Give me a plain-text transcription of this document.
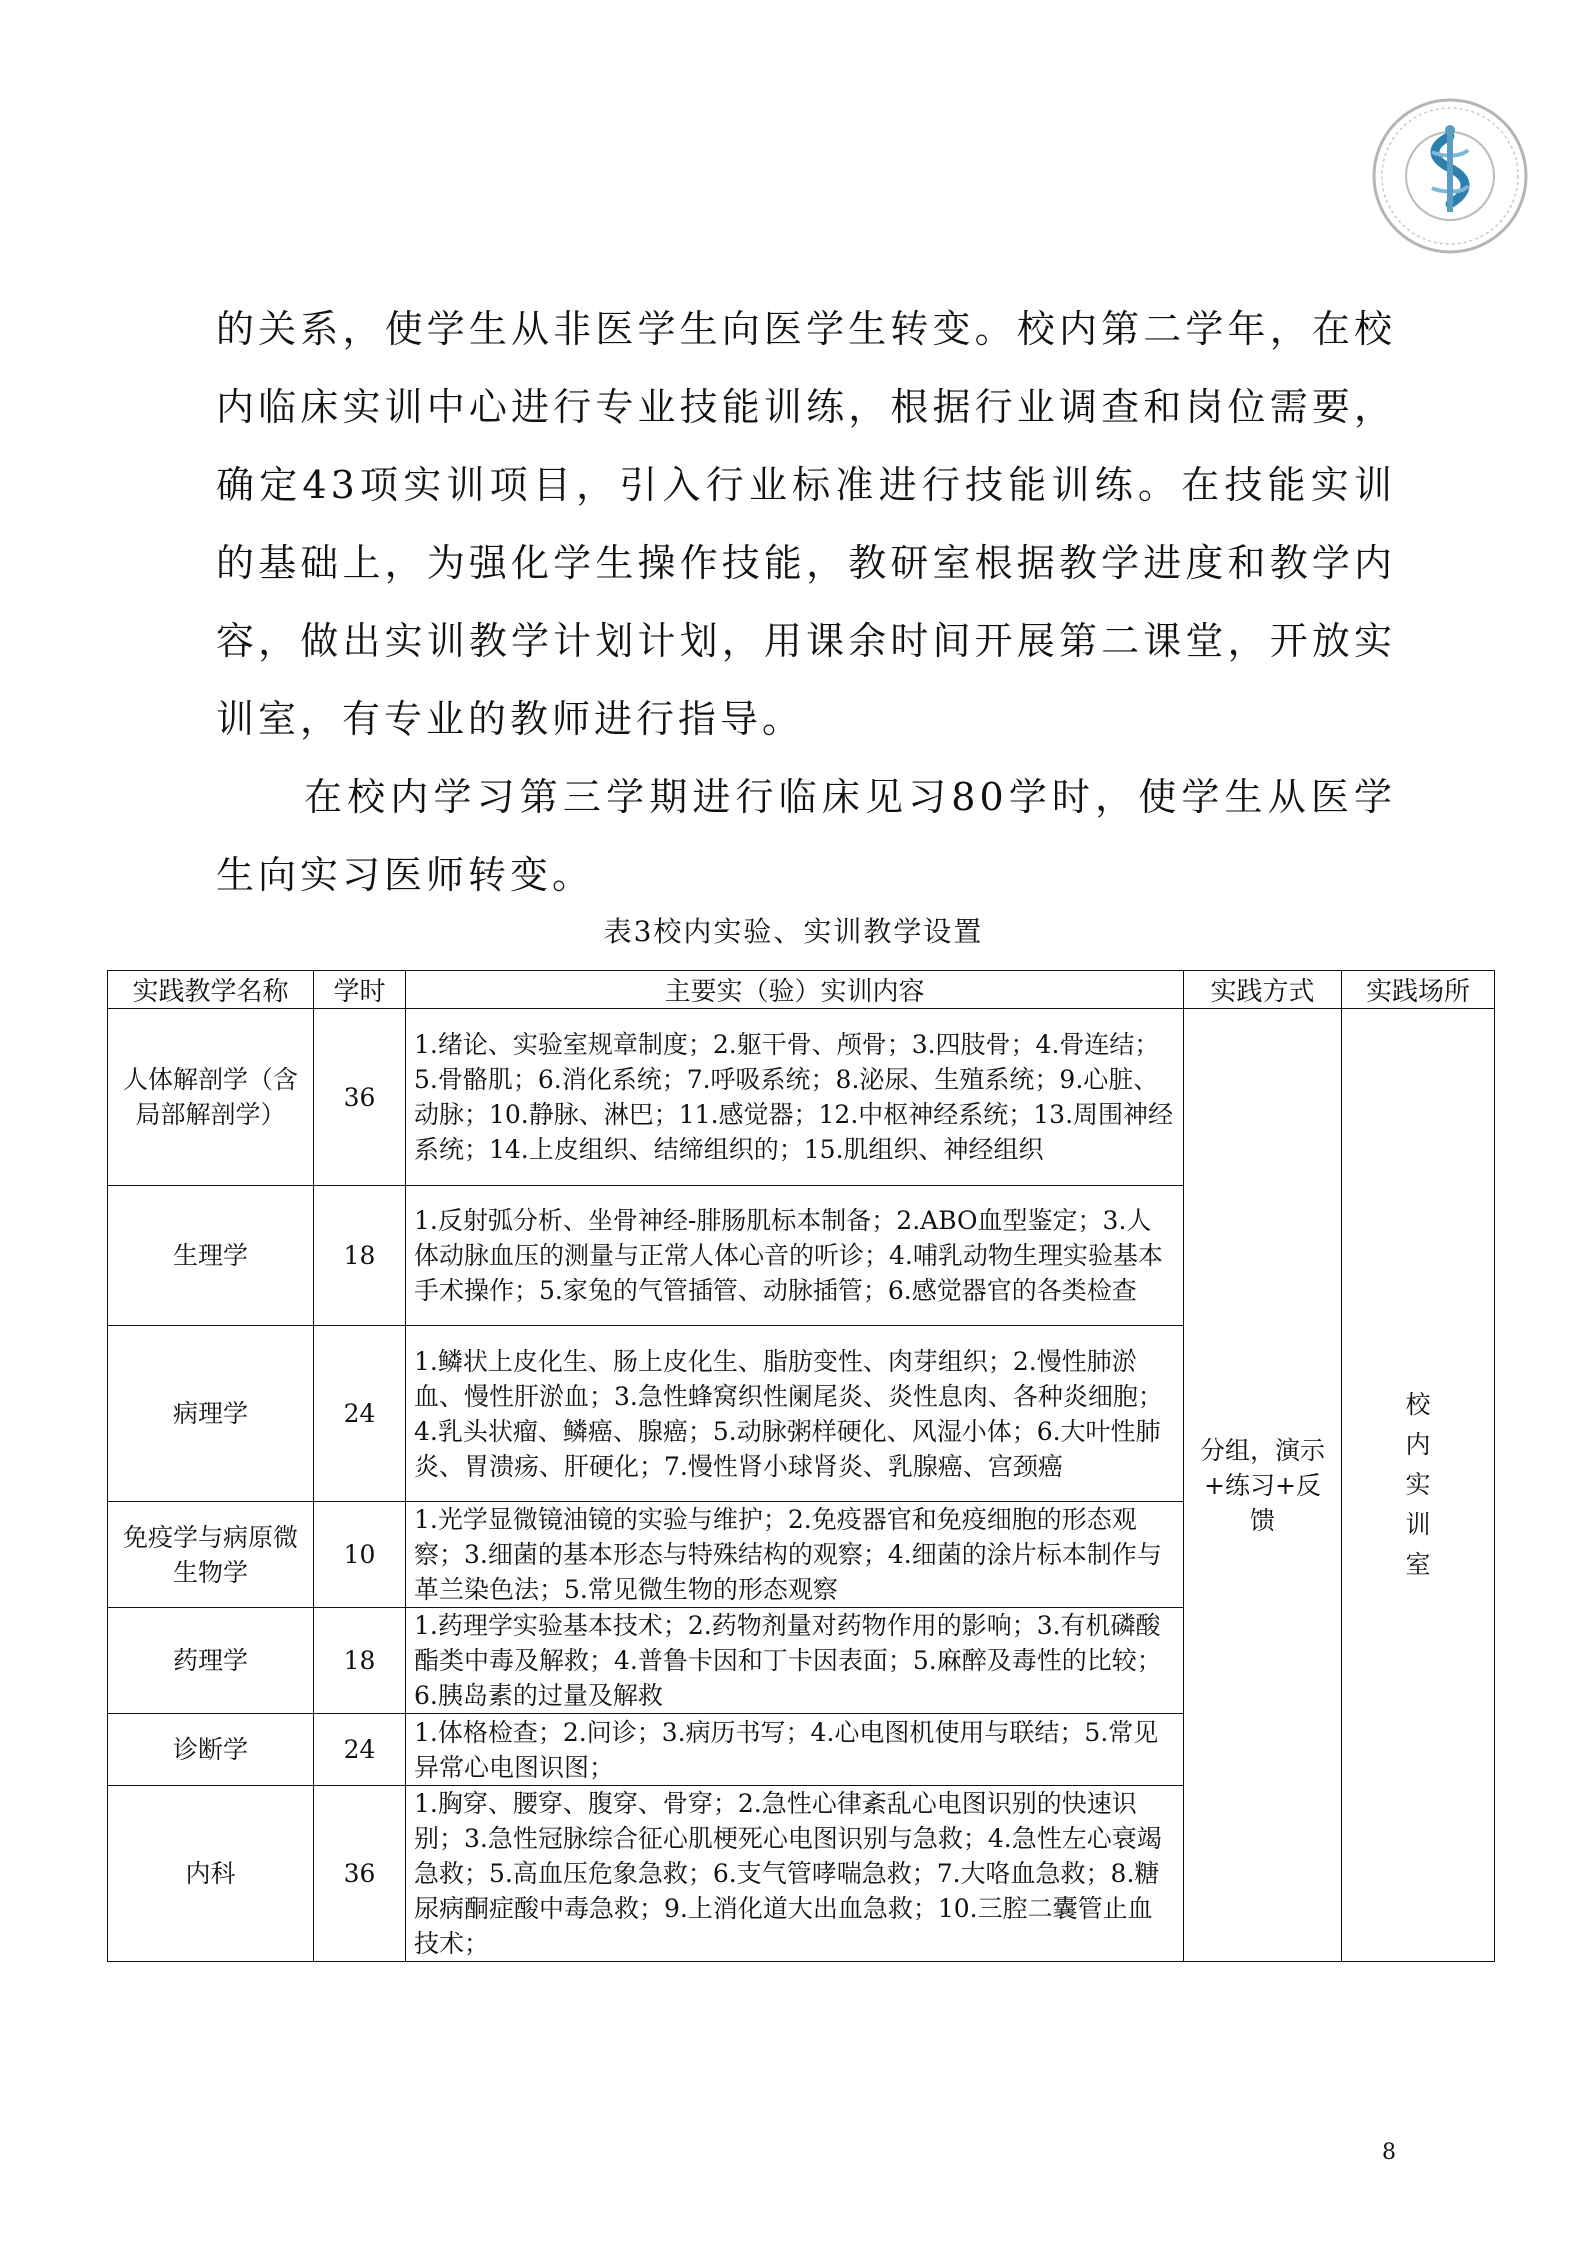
的关系，使学生从非医学生向医学生转变。校内第二学年，在校内临床实训中心进行专业技能训练，根据行业调查和岗位需要，确定43项实训项目，引入行业标准进行技能训练。在技能实训的基础上，为强化学生操作技能，教研室根据教学进度和教学内容，做出实训教学计划计划，用课余时间开展第二课堂，开放实训室，有专业的教师进行指导。

在校内学习第三学期进行临床见习80学时，使学生从医学生向实习医师转变。

表3校内实验、实训教学设置
实践教学名称	学时	主要实（验）实训内容	实践方式	实践场所
人体解剖学（含局部解剖学）	36	1.绪论、实验室规章制度；2.躯干骨、颅骨；3.四肢骨；4.骨连结；5.骨骼肌；6.消化系统；7.呼吸系统；8.泌尿、生殖系统；9.心脏、动脉；10.静脉、淋巴；11.感觉器；12.中枢神经系统；13.周围神经系统；14.上皮组织、结缔组织的；15.肌组织、神经组织	分组，演示+练习+反馈	校内实训室
生理学	18	1.反射弧分析、坐骨神经-腓肠肌标本制备；2.ABO血型鉴定；3.人体动脉血压的测量与正常人体心音的听诊；4.哺乳动物生理实验基本手术操作；5.家兔的气管插管、动脉插管；6.感觉器官的各类检查		
病理学	24	1.鳞状上皮化生、肠上皮化生、脂肪变性、肉芽组织；2.慢性肺淤血、慢性肝淤血；3.急性蜂窝织性阑尾炎、炎性息肉、各种炎细胞；4.乳头状瘤、鳞癌、腺癌；5.动脉粥样硬化、风湿小体；6.大叶性肺炎、胃溃疡、肝硬化；7.慢性肾小球肾炎、乳腺癌、宫颈癌		
免疫学与病原微生物学	10	1.光学显微镜油镜的实验与维护；2.免疫器官和免疫细胞的形态观察；3.细菌的基本形态与特殊结构的观察；4.细菌的涂片标本制作与革兰染色法；5.常见微生物的形态观察		
药理学	18	1.药理学实验基本技术；2.药物剂量对药物作用的影响；3.有机磷酸酯类中毒及解救；4.普鲁卡因和丁卡因表面；5.麻醉及毒性的比较；6.胰岛素的过量及解救		
诊断学	24	1.体格检查；2.问诊；3.病历书写；4.心电图机使用与联结；5.常见异常心电图识图；		
内科	36	1.胸穿、腰穿、腹穿、骨穿；2.急性心律紊乱心电图识别的快速识别；3.急性冠脉综合征心肌梗死心电图识别与急救；4.急性左心衰竭急救；5.高血压危象急救；6.支气管哮喘急救；7.大咯血急救；8.糖尿病酮症酸中毒急救；9.上消化道大出血急救；10.三腔二囊管止血技术；		
8
